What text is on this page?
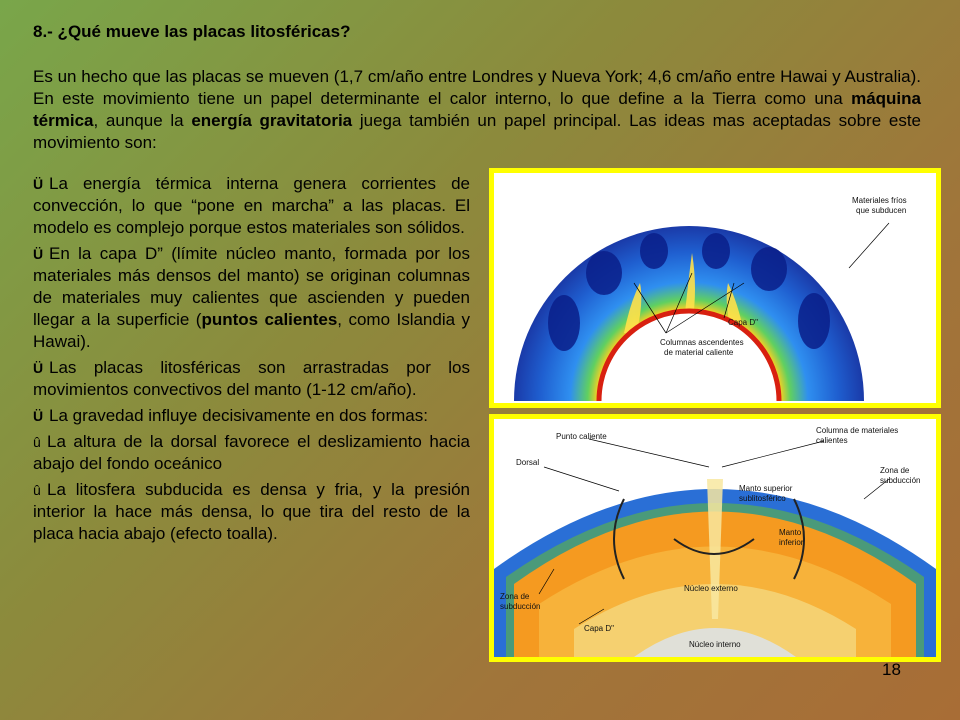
8.- ¿Qué mueve las placas litosféricas?
Es un hecho que las placas se mueven (1,7 cm/año entre Londres y Nueva York; 4,6 cm/año entre Hawai y Australia). En este movimiento tiene un papel determinante el calor interno, lo que define a la Tierra como una máquina térmica, aunque la energía gravitatoria juega también un papel principal. Las ideas mas aceptadas sobre este movimiento son:

Ü La energía térmica interna genera corrientes de convección, lo que “pone en marcha” a las placas. El modelo es complejo porque estos materiales son sólidos.

Ü En la capa D” (límite núcleo manto, formada por los materiales más densos del manto) se originan columnas de materiales muy calientes que ascienden y pueden llegar a la superficie (puntos calientes, como Islandia y Hawai).

Ü Las placas litosféricas son arrastradas por los movimientos convectivos del manto (1-12 cm/año).

Ü La gravedad influye decisivamente en dos formas:

û La altura de la dorsal favorece el deslizamiento hacia abajo del fondo oceánico

û La litosfera subducida es densa y fria, y la presión interior la hace más densa, lo que tira del resto de la placa hacia abajo (efecto toalla).

Materiales fríos
que subducen
Capa D"
Columnas ascendentes
de material caliente
Punto caliente
Columna de materiales
calientes
Dorsal
Zona de
subducción
Manto superior
sublitosférico
Manto
inferior
Zona de
subducción
Núcleo externo
Capa D"
Núcleo interno
18
